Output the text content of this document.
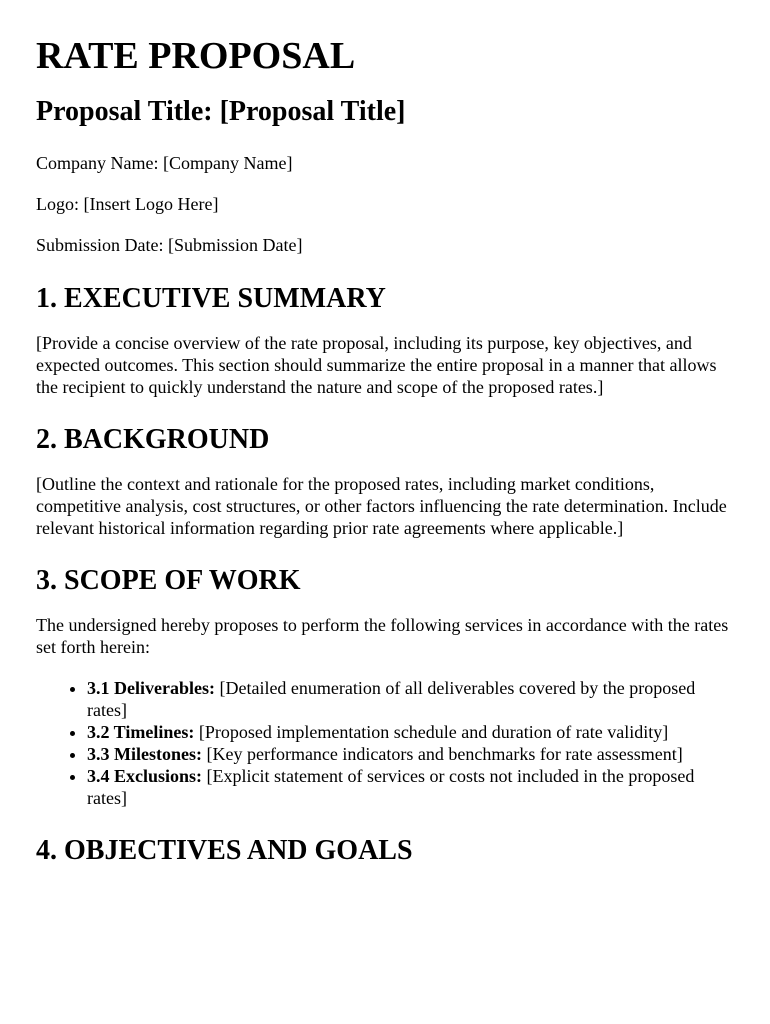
RATE PROPOSAL
Proposal Title: [Proposal Title]

Company Name: [Company Name]

Logo: [Insert Logo Here]

Submission Date: [Submission Date]

1. EXECUTIVE SUMMARY

[Provide a concise overview of the rate proposal, including its purpose, key objectives, and expected outcomes. This section should summarize the entire proposal in a manner that allows the recipient to quickly understand the nature and scope of the proposed rates.]

2. BACKGROUND

[Outline the context and rationale for the proposed rates, including market conditions, competitive analysis, cost structures, or other factors influencing the rate determination. Include relevant historical information regarding prior rate agreements where applicable.]

3. SCOPE OF WORK

The undersigned hereby proposes to perform the following services in accordance with the rates set forth herein:

• 3.1 Deliverables: [Detailed enumeration of all deliverables covered by the proposed rates]
• 3.2 Timelines: [Proposed implementation schedule and duration of rate validity]
• 3.3 Milestones: [Key performance indicators and benchmarks for rate assessment]
• 3.4 Exclusions: [Explicit statement of services or costs not included in the proposed rates]
4. OBJECTIVES AND GOALS
